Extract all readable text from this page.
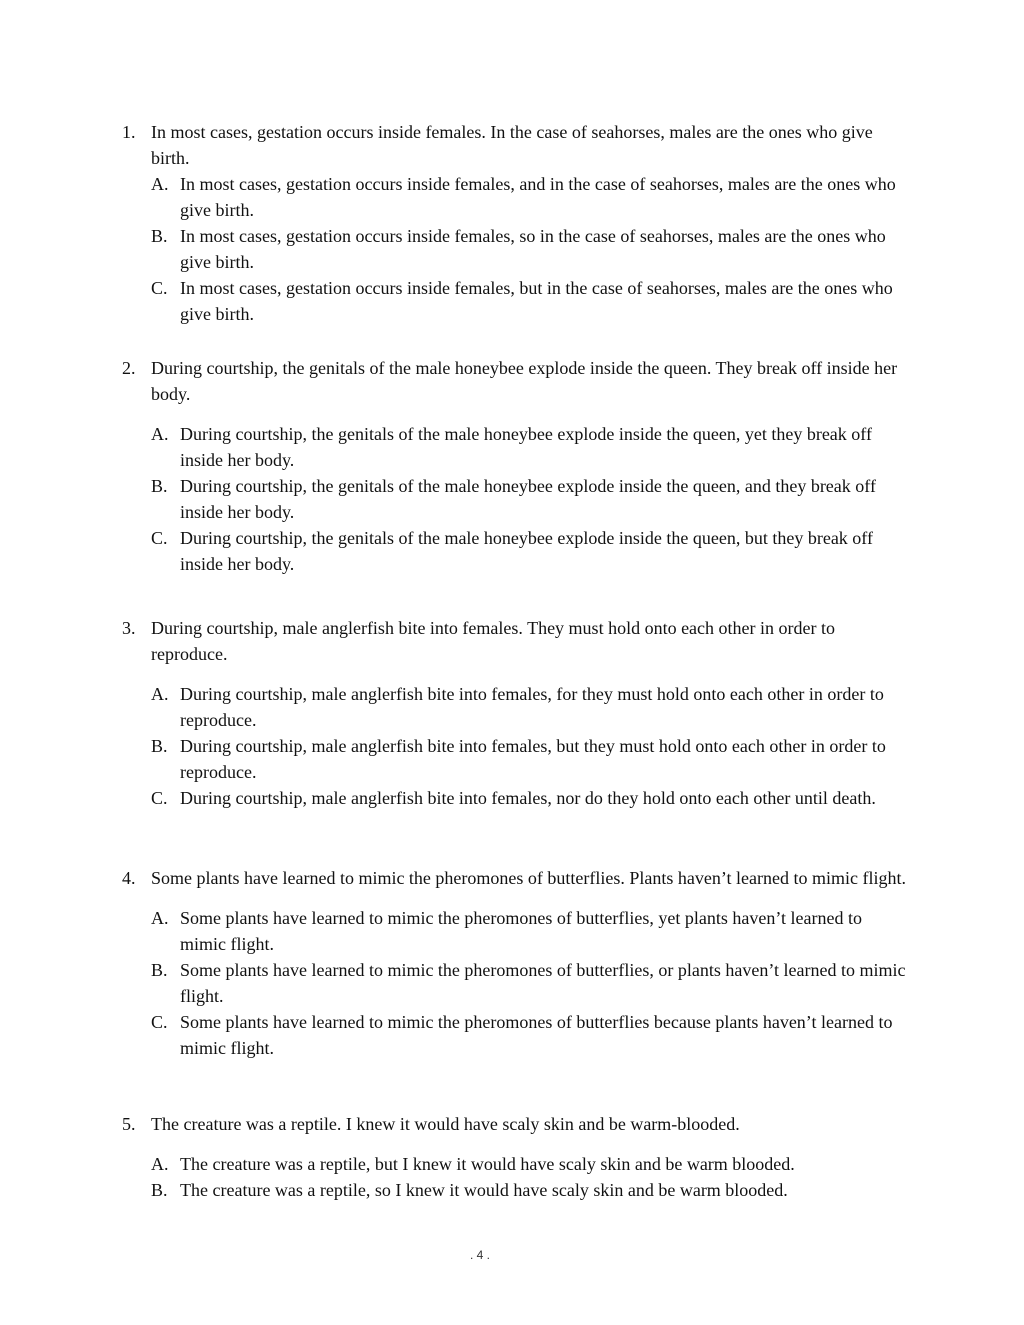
1. In most cases, gestation occurs inside females. In the case of seahorses, males are the ones who give birth.
A. In most cases, gestation occurs inside females, and in the case of seahorses, males are the ones who give birth.
B. In most cases, gestation occurs inside females, so in the case of seahorses, males are the ones who give birth.
C. In most cases, gestation occurs inside females, but in the case of seahorses, males are the ones who give birth.
2. During courtship, the genitals of the male honeybee explode inside the queen. They break off inside her body.
A. During courtship, the genitals of the male honeybee explode inside the queen, yet they break off inside her body.
B. During courtship, the genitals of the male honeybee explode inside the queen, and they break off inside her body.
C. During courtship, the genitals of the male honeybee explode inside the queen, but they break off inside her body.
3. During courtship, male anglerfish bite into females. They must hold onto each other in order to reproduce.
A. During courtship, male anglerfish bite into females, for they must hold onto each other in order to reproduce.
B. During courtship, male anglerfish bite into females, but they must hold onto each other in order to reproduce.
C. During courtship, male anglerfish bite into females, nor do they hold onto each other until death.
4. Some plants have learned to mimic the pheromones of butterflies. Plants haven’t learned to mimic flight.
A. Some plants have learned to mimic the pheromones of butterflies, yet plants haven’t learned to mimic flight.
B. Some plants have learned to mimic the pheromones of butterflies, or plants haven’t learned to mimic flight.
C. Some plants have learned to mimic the pheromones of butterflies because plants haven’t learned to mimic flight.
5. The creature was a reptile. I knew it would have scaly skin and be warm-blooded.
A. The creature was a reptile, but I knew it would have scaly skin and be warm blooded.
B. The creature was a reptile, so I knew it would have scaly skin and be warm blooded.
. 4 .
